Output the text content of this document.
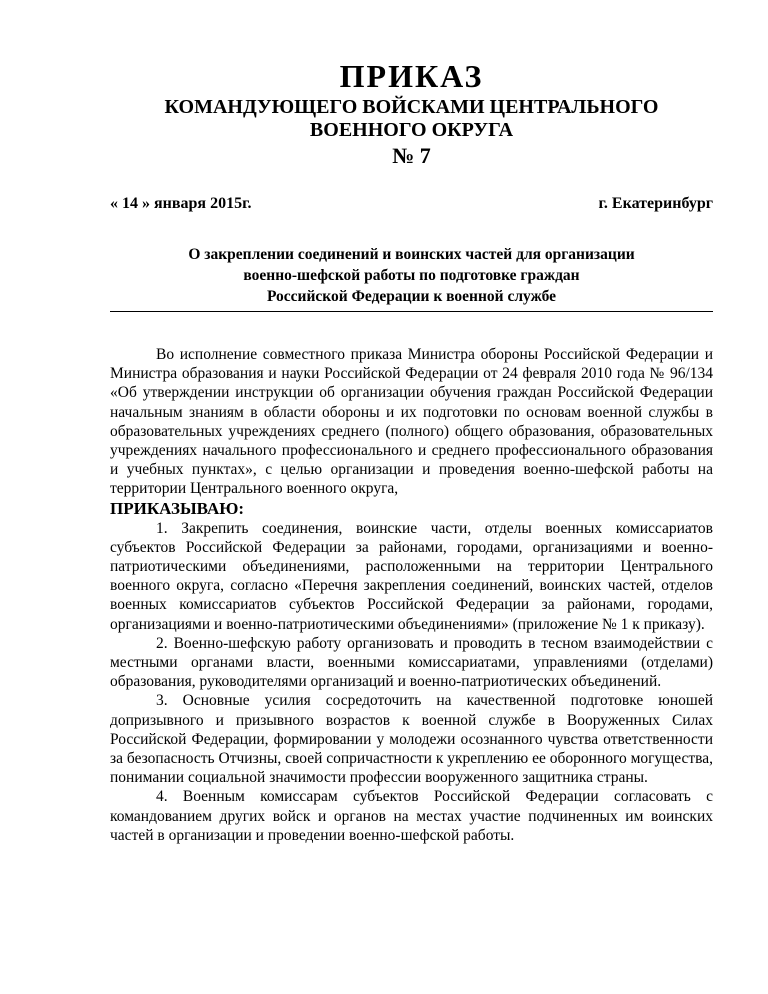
ПРИКАЗ

КОМАНДУЮЩЕГО ВОЙСКАМИ ЦЕНТРАЛЬНОГО

ВОЕННОГО ОКРУГА

№ 7

« 14 » января 2015г.	г. Екатеринбург
О закреплении соединений и воинских частей для организации
военно-шефской работы по подготовке граждан
Российской Федерации к военной службе

Во исполнение совместного приказа Министра обороны Российской Федерации и Министра образования и науки Российской Федерации от 24 февраля 2010 года № 96/134 «Об утверждении инструкции об организации обучения граждан Российской Федерации начальным знаниям в области обороны и их подготовки по основам военной службы в образовательных учреждениях среднего (полного) общего образования, образовательных учреждениях начального профессионального и среднего профессионального образования и учебных пунктах», с целью организации и проведения военно-шефской работы на территории Центрального военного округа,

ПРИКАЗЫВАЮ:

1. Закрепить соединения, воинские части, отделы военных комиссариатов субъектов Российской Федерации за районами, городами, организациями и военно-патриотическими объединениями, расположенными на территории Центрального военного округа, согласно «Перечня закрепления соединений, воинских частей, отделов военных комиссариатов субъектов Российской Федерации за районами, городами, организациями и военно-патриотическими объединениями» (приложение № 1 к приказу).

2. Военно-шефскую работу организовать и проводить в тесном взаимодействии с местными органами власти, военными комиссариатами, управлениями (отделами) образования, руководителями организаций и военно-патриотических объединений.

3. Основные усилия сосредоточить на качественной подготовке юношей допризывного и призывного возрастов к военной службе в Вооруженных Силах Российской Федерации, формировании у молодежи осознанного чувства ответственности за безопасность Отчизны, своей сопричастности к укреплению ее оборонного могущества, понимании социальной значимости профессии вооруженного защитника страны.

4. Военным комиссарам субъектов Российской Федерации согласовать с командованием других войск и органов на местах участие подчиненных им воинских частей в организации и проведении военно-шефской работы.
